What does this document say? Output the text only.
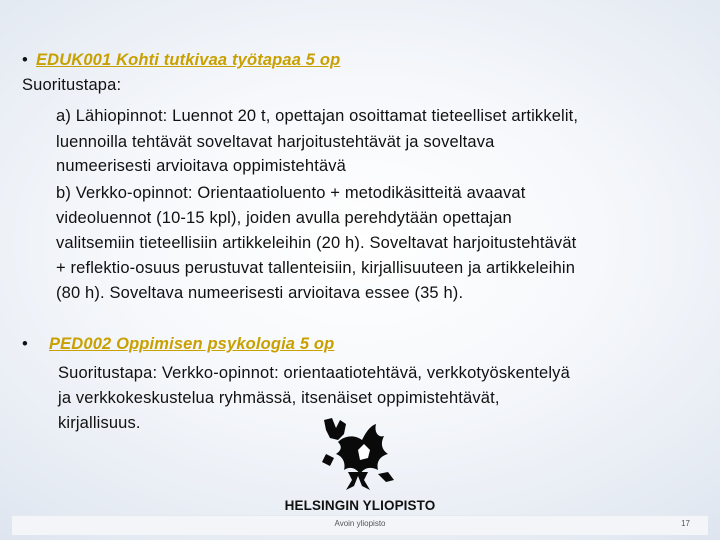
• EDUK001 Kohti tutkivaa työtapaa 5 op
Suoritustapa:
a) Lähiopinnot: Luennot 20 t, opettajan osoittamat tieteelliset artikkelit,
luennoilla tehtävät soveltavat harjoitustehtävät ja soveltava
numeerisesti arvioitava oppimistehtävä
b) Verkko-opinnot: Orientaatioluento + metodikäsitteitä avaavat
videoluennot (10-15 kpl), joiden avulla perehdytään opettajan
valitsemiin tieteellisiin artikkeleihin (20 h). Soveltavat harjoitustehtävät
+ reflektio-osuus perustuvat tallenteisiin, kirjallisuuteen ja artikkeleihin
(80 h). Soveltava numeerisesti arvioitava essee (35 h).
• PED002 Oppimisen psykologia 5 op
Suoritustapa: Verkko-opinnot: orientaatiotehtävä, verkkotyöskentelyä
ja verkkokeskustelua ryhmässä, itsenäiset oppimistehtävät,
kirjallisuus.
HELSINGIN YLIOPISTO
Avoin yliopisto	17
